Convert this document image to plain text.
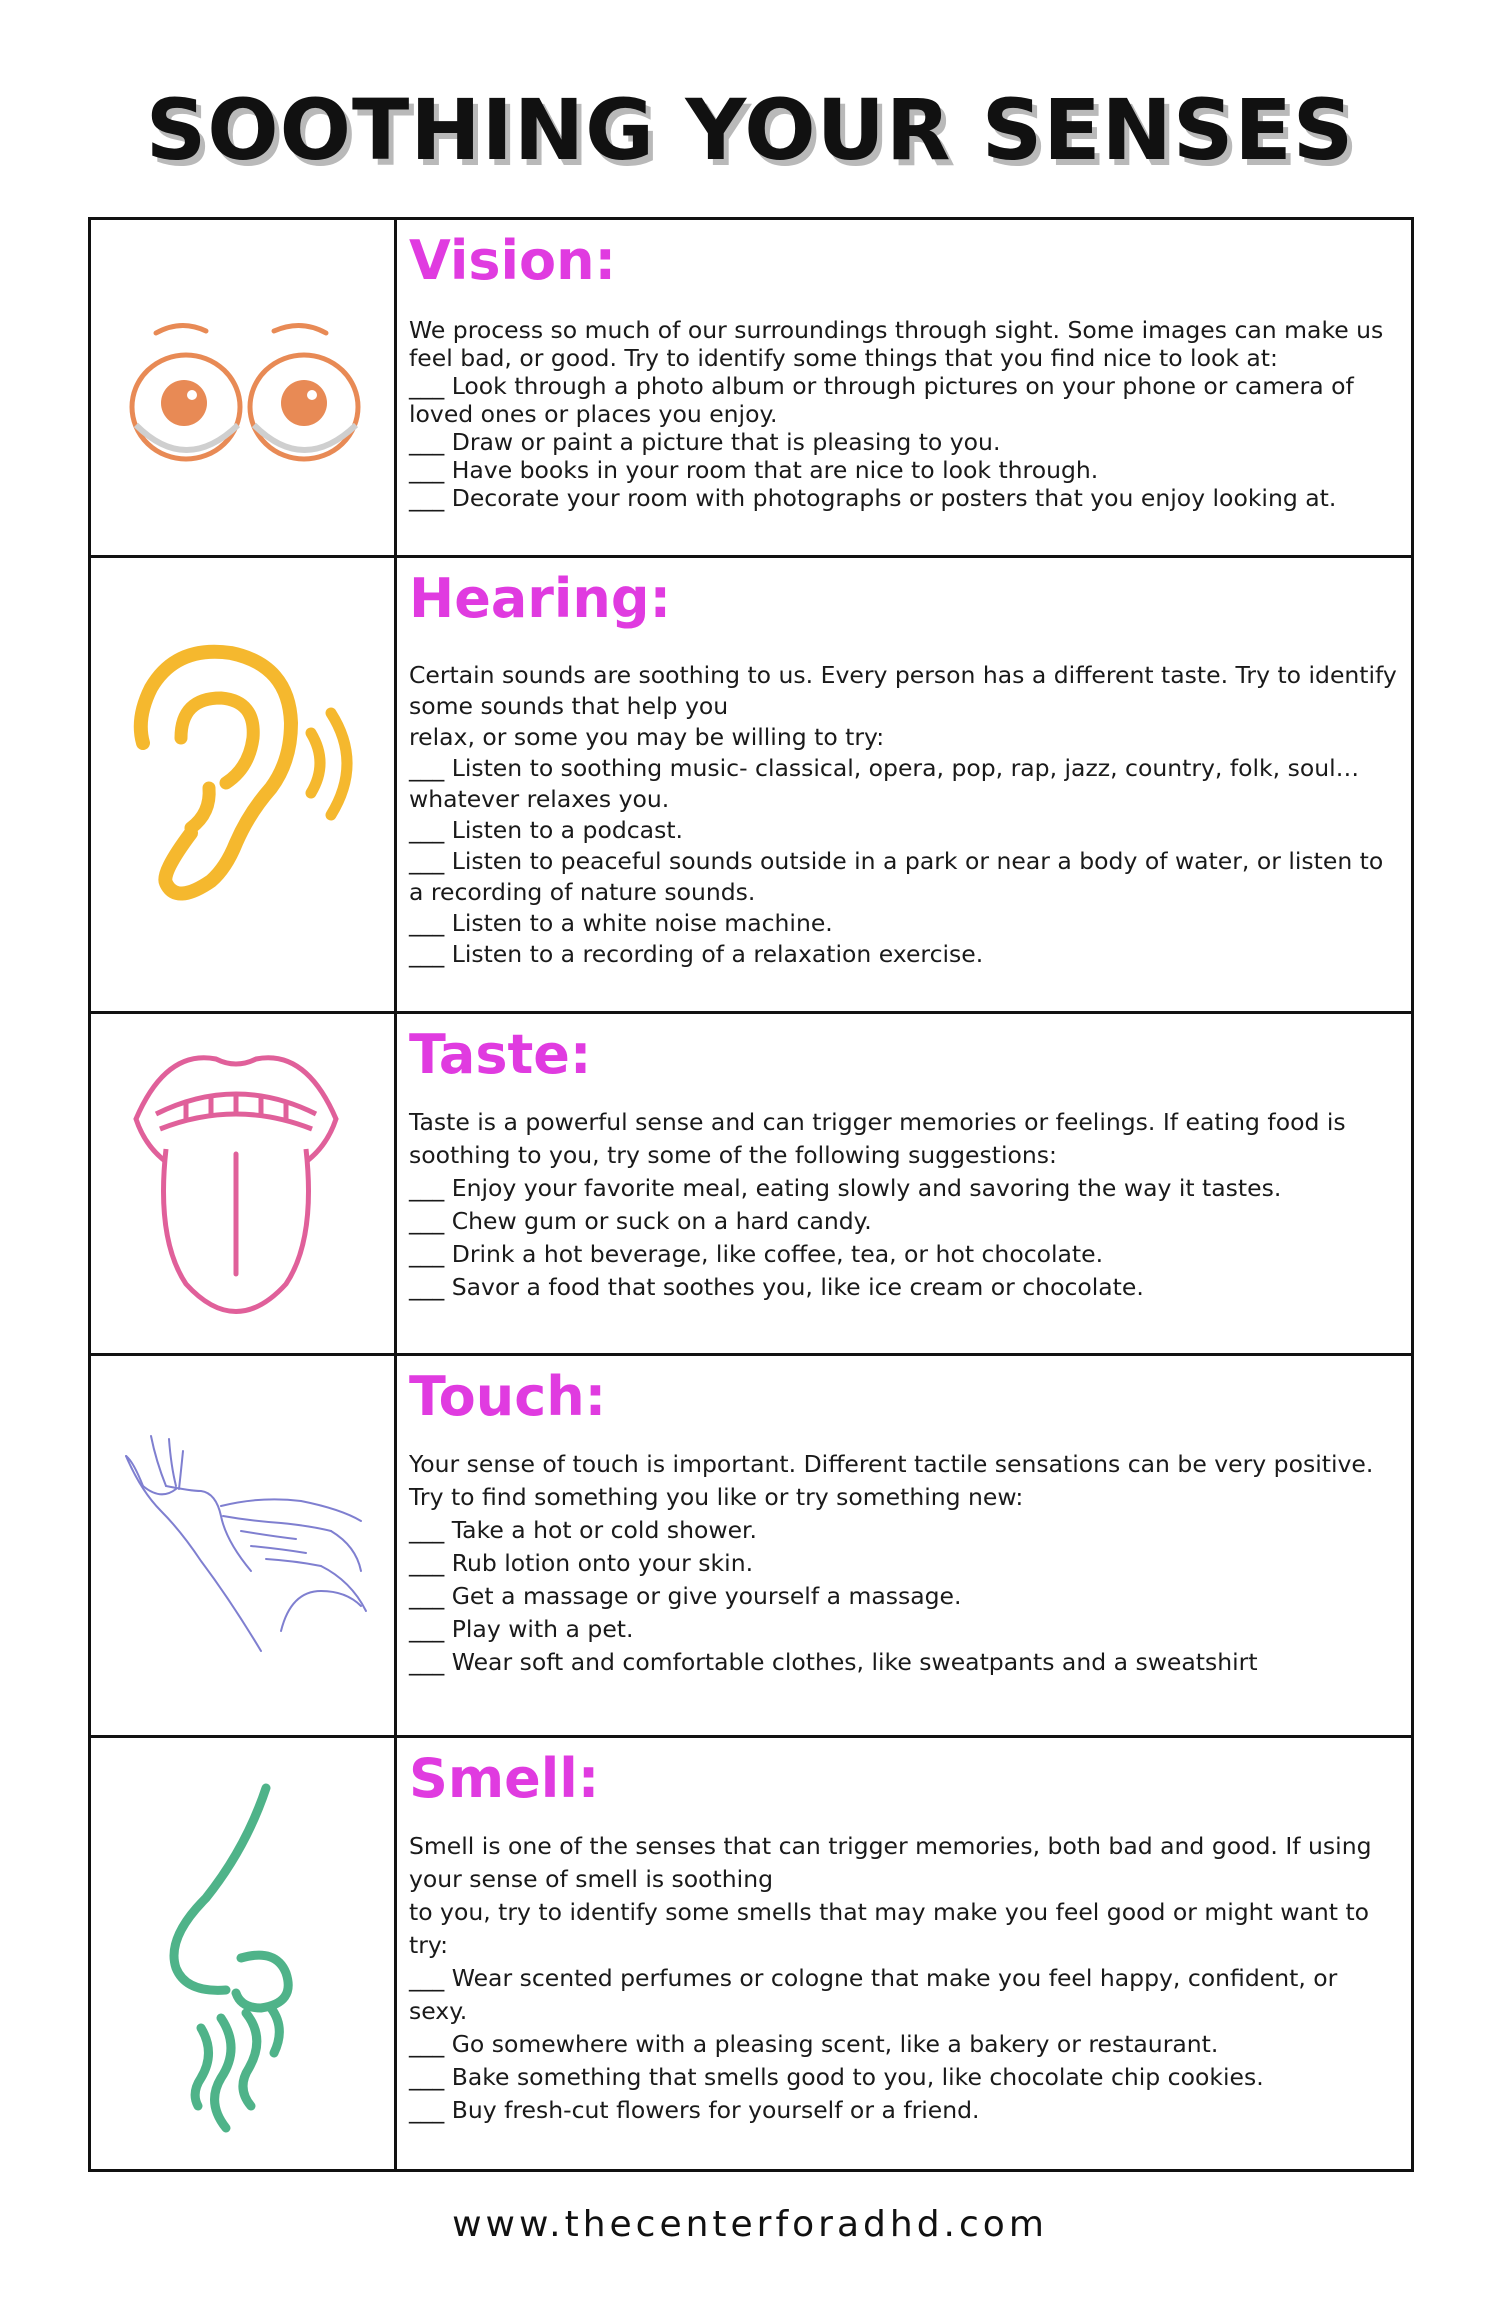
SOOTHING YOUR SENSES
Vision:

We process so much of our surroundings through sight. Some images can make us feel bad, or good. Try to identify some things that you find nice to look at:

___ Look through a photo album or through pictures on your phone or camera of loved ones or places you enjoy.

___ Draw or paint a picture that is pleasing to you.

___ Have books in your room that are nice to look through.

___ Decorate your room with photographs or posters that you enjoy looking at.

Hearing:

Certain sounds are soothing to us. Every person has a different taste. Try to identify some sounds that help you

relax, or some you may be willing to try:

___ Listen to soothing music- classical, opera, pop, rap, jazz, country, folk, soul… whatever relaxes you.

___ Listen to a podcast.

___ Listen to peaceful sounds outside in a park or near a body of water, or listen to a recording of nature sounds.

___ Listen to a white noise machine.

___ Listen to a recording of a relaxation exercise.

Taste:

Taste is a powerful sense and can trigger memories or feelings. If eating food is soothing to you, try some of the following suggestions:

___ Enjoy your favorite meal, eating slowly and savoring the way it tastes.

___ Chew gum or suck on a hard candy.

___ Drink a hot beverage, like coffee, tea, or hot chocolate.

___ Savor a food that soothes you, like ice cream or chocolate.

Touch:

Your sense of touch is important. Different tactile sensations can be very positive. Try to find something you like or try something new:

___ Take a hot or cold shower.

___ Rub lotion onto your skin.

___ Get a massage or give yourself a massage.

___ Play with a pet.

___ Wear soft and comfortable clothes, like sweatpants and a sweatshirt

Smell:

Smell is one of the senses that can trigger memories, both bad and good. If using your sense of smell is soothing

to you, try to identify some smells that may make you feel good or might want to try:

___ Wear scented perfumes or cologne that make you feel happy, confident, or sexy.

___ Go somewhere with a pleasing scent, like a bakery or restaurant.

___ Bake something that smells good to you, like chocolate chip cookies.

___ Buy fresh-cut flowers for yourself or a friend.

www.thecenterforadhd.com
